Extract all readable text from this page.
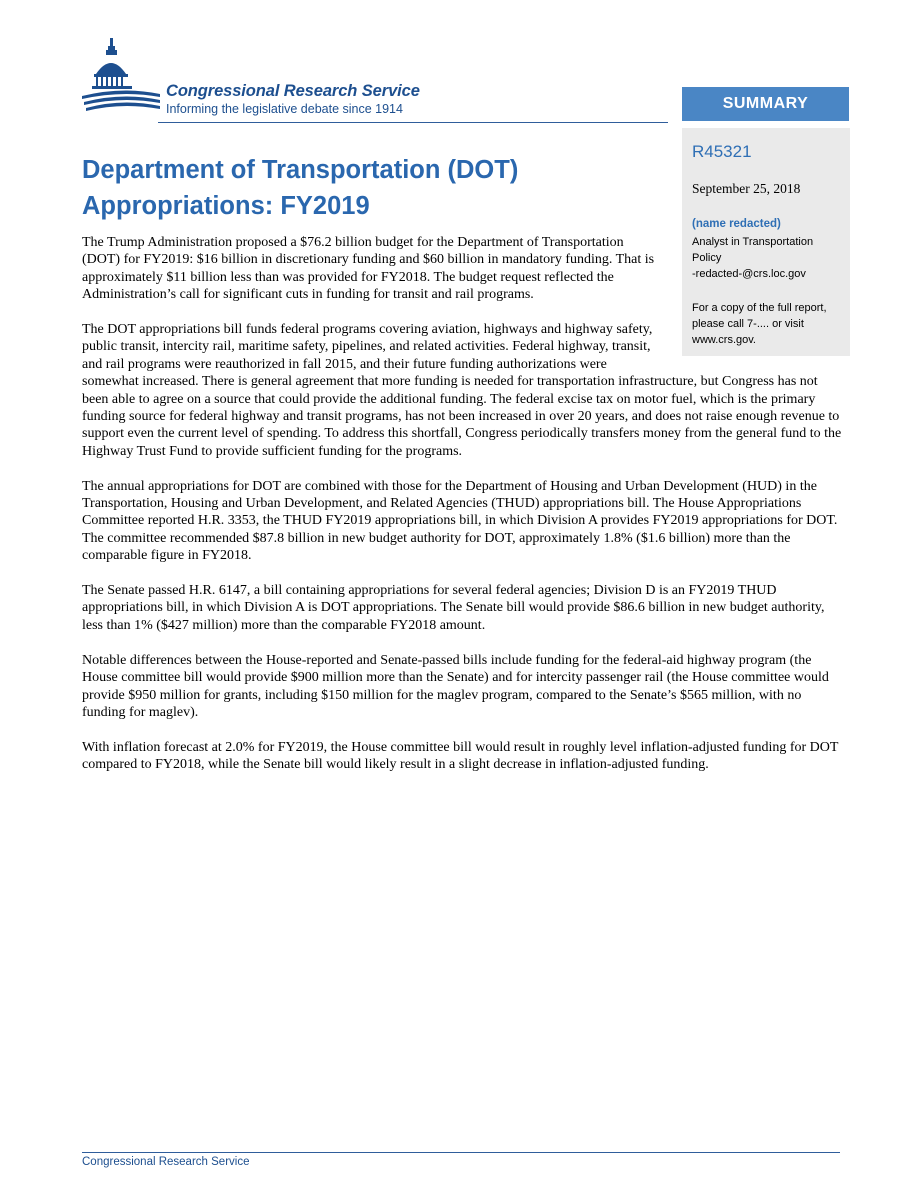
Congressional Research Service
Informing the legislative debate since 1914	SUMMARY
R45321
September 25, 2018
(name redacted)
Analyst in Transportation Policy
-redacted-@crs.loc.gov
For a copy of the full report, please call 7-.... or visit www.crs.gov.
Department of Transportation (DOT) Appropriations: FY2019

The Trump Administration proposed a $76.2 billion budget for the Department of Transportation (DOT) for FY2019: $16 billion in discretionary funding and $60 billion in mandatory funding. That is approximately $11 billion less than was provided for FY2018. The budget request reflected the Administration’s call for significant cuts in funding for transit and rail programs.

The DOT appropriations bill funds federal programs covering aviation, highways and highway safety, public transit, intercity rail, maritime safety, pipelines, and related activities. Federal highway, transit, and rail programs were reauthorized in fall 2015, and their future funding authorizations were somewhat increased. There is general agreement that more funding is needed for transportation infrastructure, but Congress has not been able to agree on a source that could provide the additional funding. The federal excise tax on motor fuel, which is the primary funding source for federal highway and transit programs, has not been increased in over 20 years, and does not raise enough revenue to support even the current level of spending. To address this shortfall, Congress periodically transfers money from the general fund to the Highway Trust Fund to provide sufficient funding for the programs.

The annual appropriations for DOT are combined with those for the Department of Housing and Urban Development (HUD) in the Transportation, Housing and Urban Development, and Related Agencies (THUD) appropriations bill. The House Appropriations Committee reported H.R. 3353, the THUD FY2019 appropriations bill, in which Division A provides FY2019 appropriations for DOT. The committee recommended $87.8 billion in new budget authority for DOT, approximately 1.8% ($1.6 billion) more than the comparable figure in FY2018.

The Senate passed H.R. 6147, a bill containing appropriations for several federal agencies; Division D is an FY2019 THUD appropriations bill, in which Division A is DOT appropriations. The Senate bill would provide $86.6 billion in new budget authority, less than 1% ($427 million) more than the comparable FY2018 amount.

Notable differences between the House-reported and Senate-passed bills include funding for the federal-aid highway program (the House committee bill would provide $900 million more than the Senate) and for intercity passenger rail (the House committee would provide $950 million for grants, including $150 million for the maglev program, compared to the Senate’s $565 million, with no funding for maglev).

With inflation forecast at 2.0% for FY2019, the House committee bill would result in roughly level inflation-adjusted funding for DOT compared to FY2018, while the Senate bill would likely result in a slight decrease in inflation-adjusted funding.

Congressional Research Service
